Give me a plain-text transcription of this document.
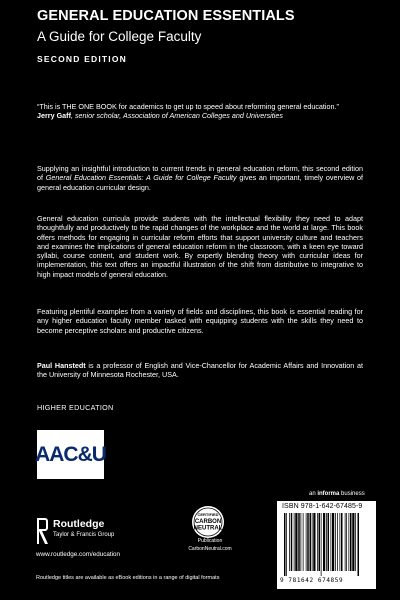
GENERAL EDUCATION ESSENTIALS
A Guide for College Faculty
SECOND EDITION
“This is THE ONE BOOK for academics to get up to speed about reforming general education.”
Jerry Gaff, senior scholar, Association of American Colleges and Universities
Supplying an insightful introduction to current trends in general education reform, this second edition of General Education Essentials: A Guide for College Faculty gives an important, timely overview of general education curricular design.
General education curricula provide students with the intellectual flexibility they need to adapt thoughtfully and productively to the rapid changes of the workplace and the world at large. This book offers methods for engaging in curricular reform efforts that support university culture and teachers and examines the implications of general education reform in the classroom, with a keen eye toward syllabi, course content, and student work. By expertly blending theory with curricular ideas for implementation, this text offers an impactful illustration of the shift from distributive to integrative to high impact models of general education.
Featuring plentiful examples from a variety of fields and disciplines, this book is essential reading for any higher education faculty member tasked with equipping students with the skills they need to become perceptive scholars and productive citizens.
Paul Hanstedt is a professor of English and Vice-Chancellor for Academic Affairs and Innovation at the University of Minnesota Rochester, USA.
HIGHER EDUCATION
AAC&U
Routledge
Taylor & Francis Group
www.routledge.com/education
CERTIFIED
CARBON
NEUTRAL
Publication
CarbonNeutral.com
an informa business
ISBN 978-1-642-67485-9
9 781642 674859
Routledge titles are available as eBook editions in a range of digital formats
